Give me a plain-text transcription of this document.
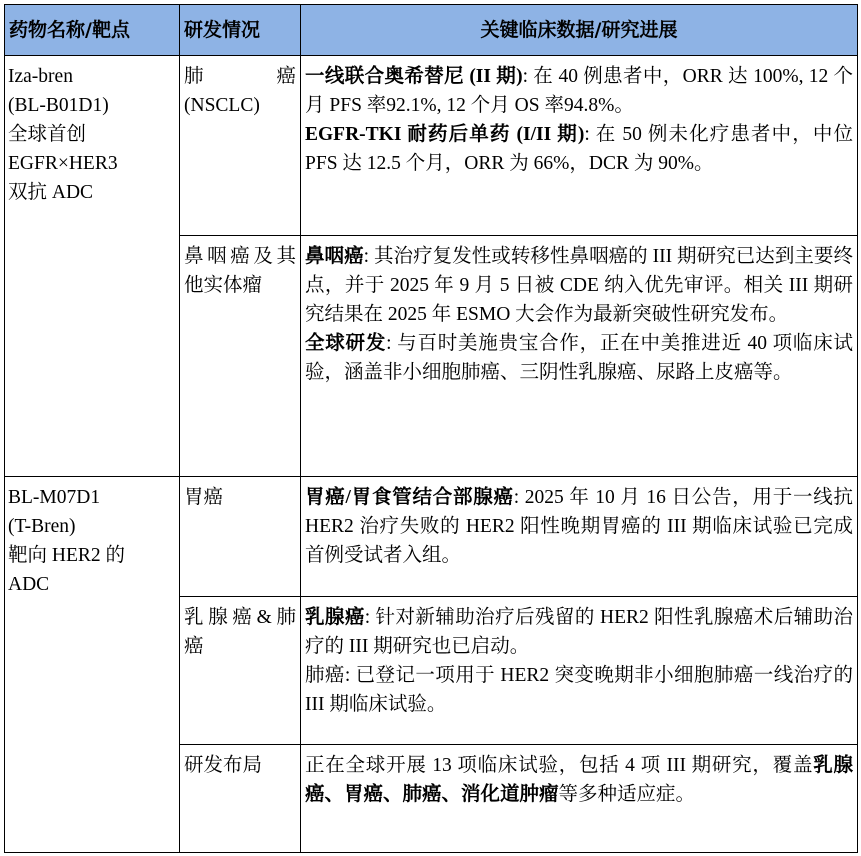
药物名称/靶点	研发情况	关键临床数据/研究进展

Iza-bren
(BL-B01D1)
全球首创
EGFR×HER3
双抗 ADC	肺癌 (NSCLC)	一线联合奥希替尼 (II 期): 在 40 例患者中，ORR 达 100%, 12 个月 PFS 率92.1%, 12 个月 OS 率94.8%。
EGFR-TKI 耐药后单药 (I/II 期): 在 50 例未化疗患者中，中位 PFS 达 12.5 个月，ORR 为 66%，DCR 为 90%。
	鼻咽癌及其他实体瘤	鼻咽癌: 其治疗复发性或转移性鼻咽癌的 III 期研究已达到主要终点，并于 2025 年 9 月 5 日被 CDE 纳入优先审评。相关 III 期研究结果在 2025 年 ESMO 大会作为最新突破性研究发布。
全球研发: 与百时美施贵宝合作，正在中美推进近 40 项临床试验，涵盖非小细胞肺癌、三阴性乳腺癌、尿路上皮癌等。

BL-M07D1
(T-Bren)
靶向 HER2 的
ADC	胃癌	胃癌/胃食管结合部腺癌: 2025 年 10 月 16 日公告，用于一线抗 HER2 治疗失败的 HER2 阳性晚期胃癌的 III 期临床试验已完成首例受试者入组。
	乳腺癌&肺癌	乳腺癌: 针对新辅助治疗后残留的 HER2 阳性乳腺癌术后辅助治疗的 III 期研究也已启动。
肺癌: 已登记一项用于 HER2 突变晚期非小细胞肺癌一线治疗的 III 期临床试验。
	研发布局	正在全球开展 13 项临床试验，包括 4 项 III 期研究，覆盖乳腺癌、胃癌、肺癌、消化道肿瘤等多种适应症。
